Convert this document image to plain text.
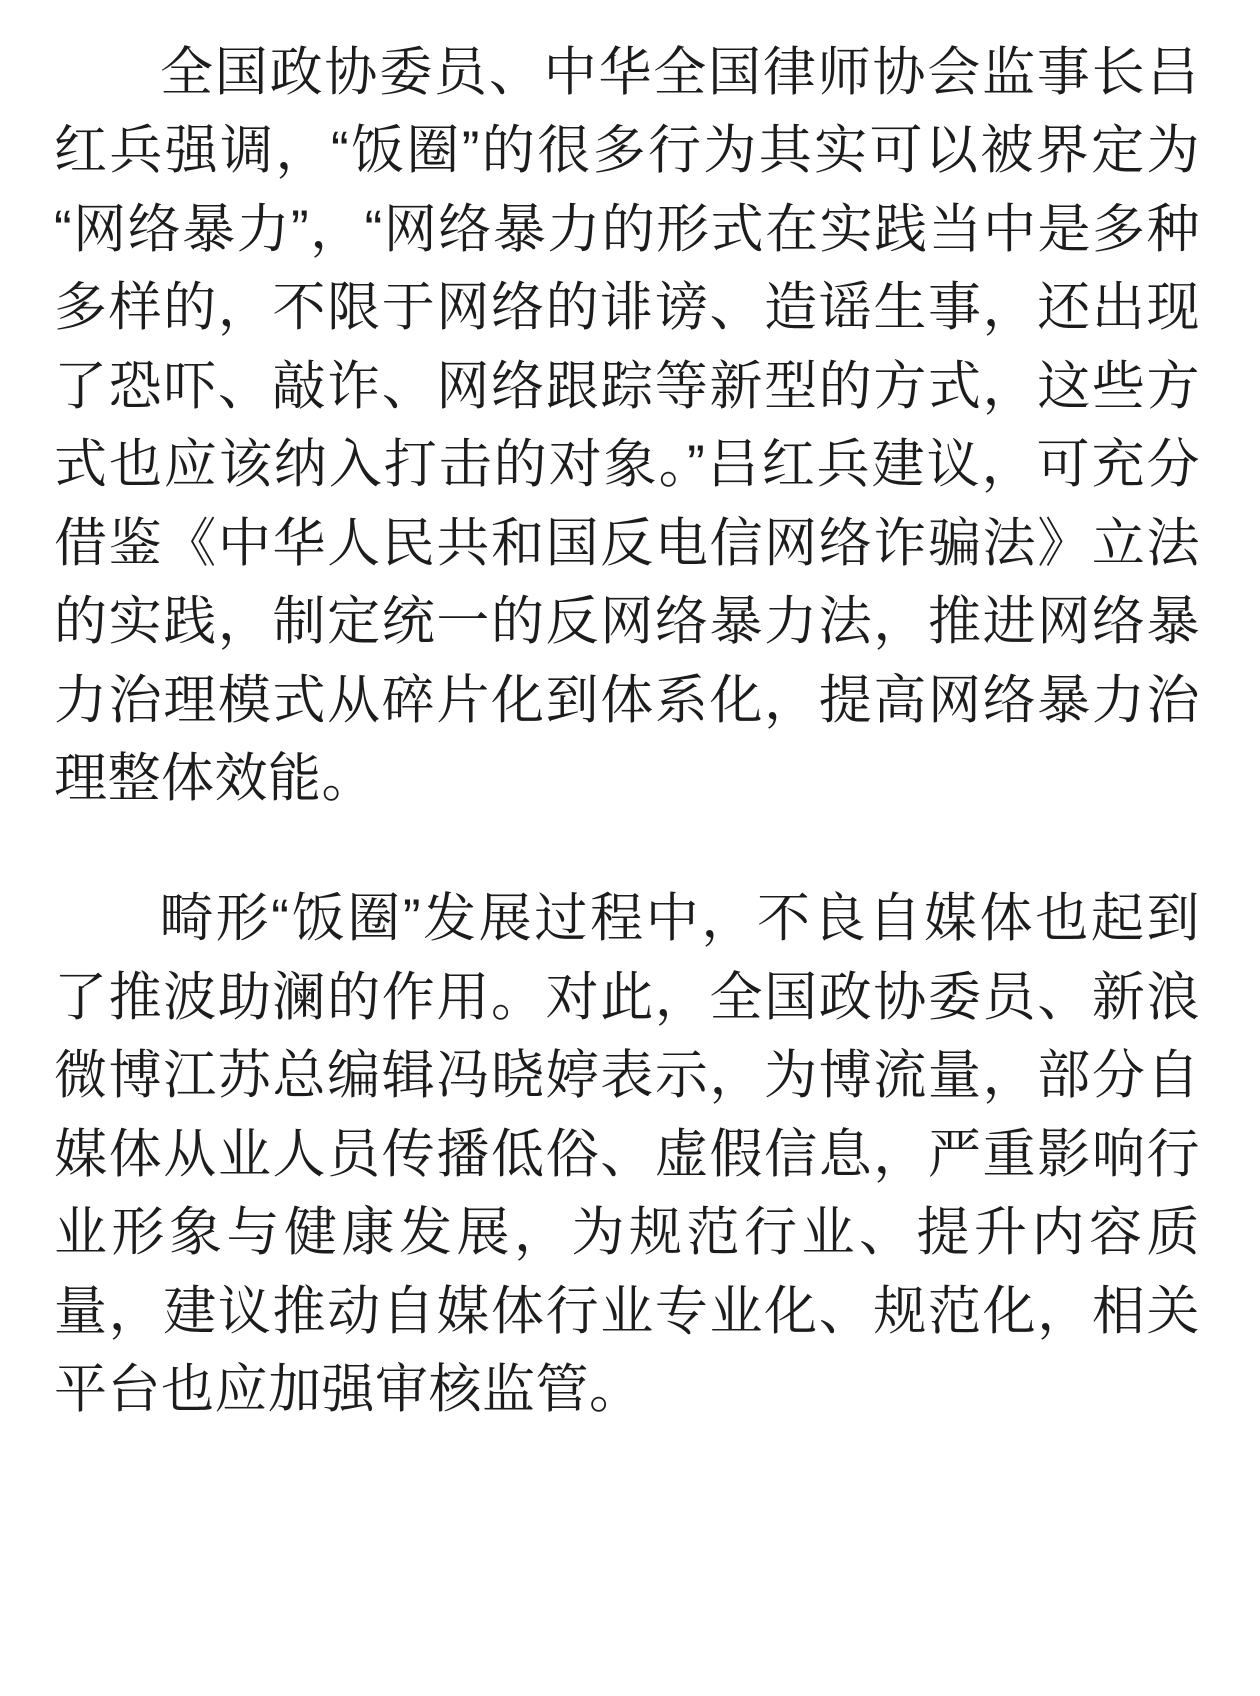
全国政协委员、中华全国律师协会监事长吕红兵强调，“饭圈”的很多行为其实可以被界定为“网络暴力”，“网络暴力的形式在实践当中是多种多样的，不限于网络的诽谤、造谣生事，还出现了恐吓、敲诈、网络跟踪等新型的方式，这些方式也应该纳入打击的对象。”吕红兵建议，可充分借鉴《中华人民共和国反电信网络诈骗法》立法的实践，制定统一的反网络暴力法，推进网络暴力治理模式从碎片化到体系化，提高网络暴力治理整体效能。

畸形“饭圈”发展过程中，不良自媒体也起到了推波助澜的作用。对此，全国政协委员、新浪微博江苏总编辑冯晓婷表示，为博流量，部分自媒体从业人员传播低俗、虚假信息，严重影响行业形象与健康发展，为规范行业、提升内容质量，建议推动自媒体行业专业化、规范化，相关平台也应加强审核监管。
